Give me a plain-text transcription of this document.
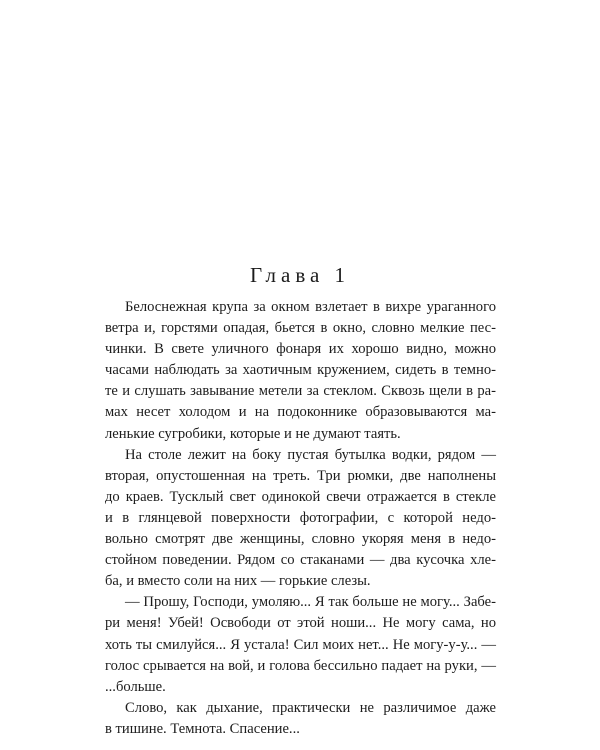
Глава 1

Белоснежная крупа за окном взлетает в вихре ураганного
ветра и, горстями опадая, бьется в окно, словно мелкие пес-
чинки. В свете уличного фонаря их хорошо видно, можно
часами наблюдать за хаотичным кружением, сидеть в темно-
те и слушать завывание метели за стеклом. Сквозь щели в ра-
мах несет холодом и на подоконнике образовываются ма-
ленькие сугробики, которые и не думают таять.

На столе лежит на боку пустая бутылка водки, рядом —
вторая, опустошенная на треть. Три рюмки, две наполнены
до краев. Тусклый свет одинокой свечи отражается в стекле
и в глянцевой поверхности фотографии, с которой недо-
вольно смотрят две женщины, словно укоряя меня в недо-
стойном поведении. Рядом со стаканами — два кусочка хле-
ба, и вместо соли на них — горькие слезы.

— Прошу, Господи, умоляю... Я так больше не могу... Забе-
ри меня! Убей! Освободи от этой ноши... Не могу сама, но
хоть ты смилуйся... Я устала! Сил моих нет... Не могу-у-у... —
голос срывается на вой, и голова бессильно падает на руки, —
...больше.

Слово, как дыхание, практически не различимое даже
в тишине. Темнота. Спасение...
